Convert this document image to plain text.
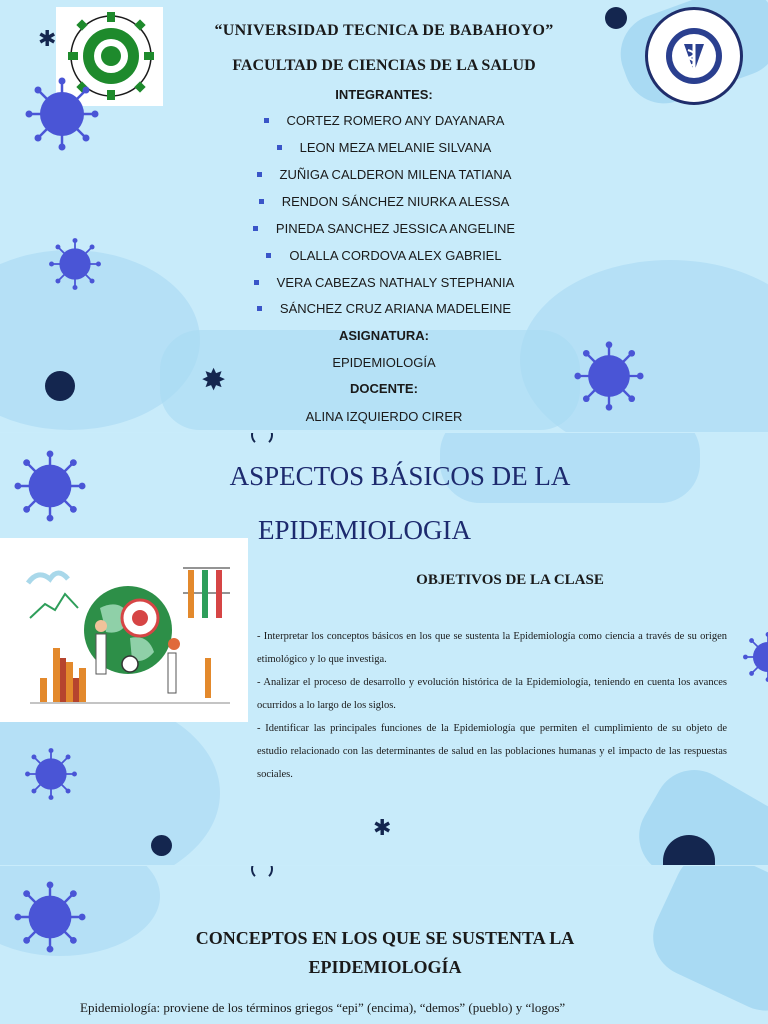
“UNIVERSIDAD TECNICA DE BABAHOYO”
FACULTAD DE CIENCIAS DE LA SALUD
INTEGRANTES:
CORTEZ ROMERO ANY DAYANARA
LEON MEZA MELANIE SILVANA
ZUÑIGA CALDERON MILENA TATIANA
RENDON SÁNCHEZ NIURKA ALESSA
PINEDA SANCHEZ JESSICA ANGELINE
OLALLA CORDOVA ALEX GABRIEL
VERA CABEZAS NATHALY STEPHANIA
SÁNCHEZ CRUZ ARIANA MADELEINE
ASIGNATURA:
EPIDEMIOLOGÍA
DOCENTE:
ALINA IZQUIERDO CIRER
✱
✸
ASPECTOS BÁSICOS DE LA
EPIDEMIOLOGIA
OBJETIVOS DE LA CLASE

- Interpretar los conceptos básicos en los que se sustenta la Epidemiología como ciencia a través de su origen etimológico y lo que investiga.

- Analizar el proceso de desarrollo y evolución histórica de la Epidemiología, teniendo en cuenta los avances ocurridos a lo largo de los siglos.

- Identificar las principales funciones de la Epidemiología que permiten el cumplimiento de su objeto de estudio relacionado con las determinantes de salud en las poblaciones humanas y el impacto de las respuestas sociales.

✱
CONCEPTOS EN LOS QUE SE SUSTENTA LA
EPIDEMIOLOGÍA
Epidemiología: proviene de los términos griegos “epi” (encima), “demos” (pueblo) y “logos”
